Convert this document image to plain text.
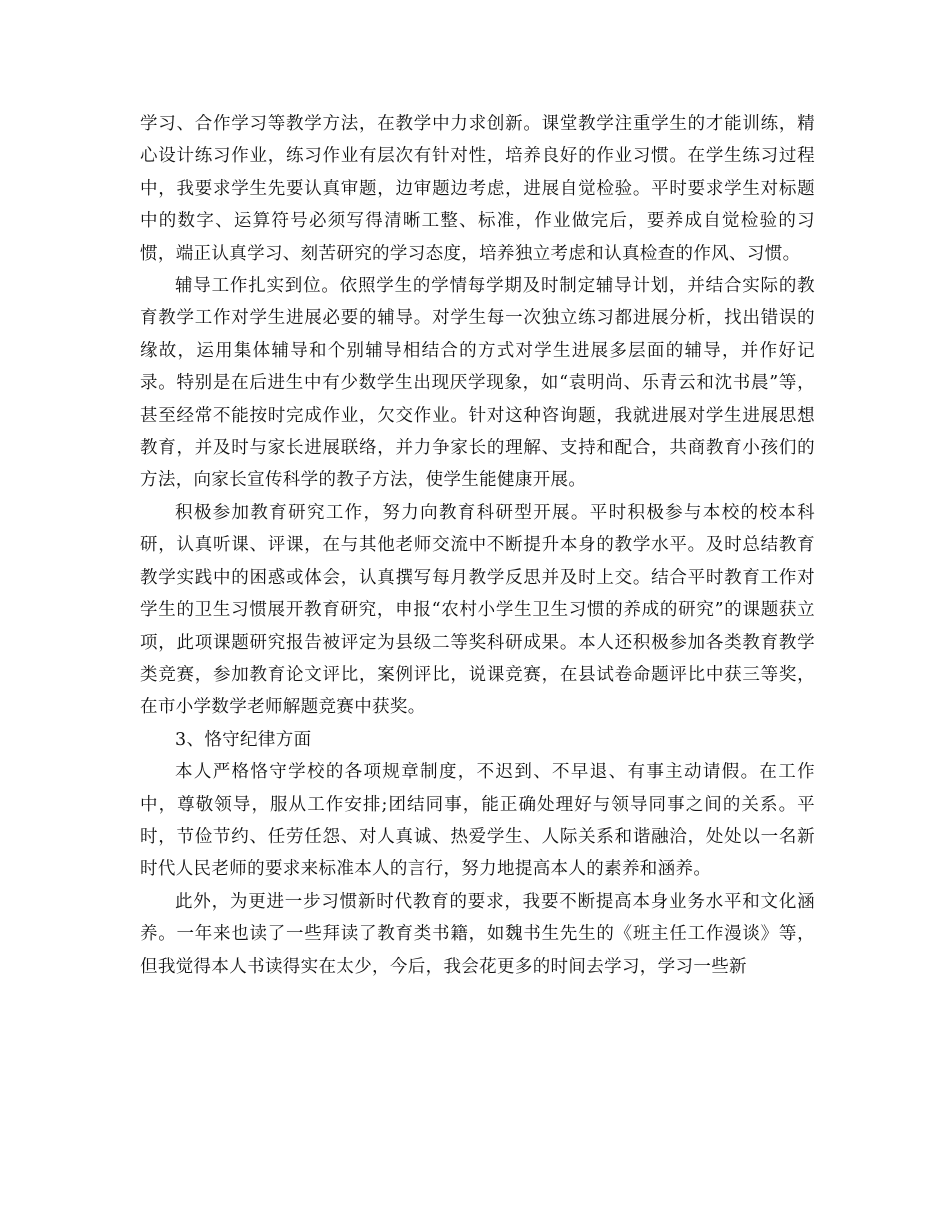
学习、合作学习等教学方法，在教学中力求创新。课堂教学注重学生的才能训练，精心设计练习作业，练习作业有层次有针对性，培养良好的作业习惯。在学生练习过程中，我要求学生先要认真审题，边审题边考虑，进展自觉检验。平时要求学生对标题中的数字、运算符号必须写得清晰工整、标准，作业做完后，要养成自觉检验的习惯，端正认真学习、刻苦研究的学习态度，培养独立考虑和认真检查的作风、习惯。

辅导工作扎实到位。依照学生的学情每学期及时制定辅导计划，并结合实际的教育教学工作对学生进展必要的辅导。对学生每一次独立练习都进展分析，找出错误的缘故，运用集体辅导和个别辅导相结合的方式对学生进展多层面的辅导，并作好记录。特别是在后进生中有少数学生出现厌学现象，如“袁明尚、乐青云和沈书晨”等，甚至经常不能按时完成作业，欠交作业。针对这种咨询题，我就进展对学生进展思想教育，并及时与家长进展联络，并力争家长的理解、支持和配合，共商教育小孩们的方法，向家长宣传科学的教子方法，使学生能健康开展。

积极参加教育研究工作，努力向教育科研型开展。平时积极参与本校的校本科研，认真听课、评课，在与其他老师交流中不断提升本身的教学水平。及时总结教育教学实践中的困惑或体会，认真撰写每月教学反思并及时上交。结合平时教育工作对学生的卫生习惯展开教育研究，申报“农村小学生卫生习惯的养成的研究”的课题获立项，此项课题研究报告被评定为县级二等奖科研成果。本人还积极参加各类教育教学类竞赛，参加教育论文评比，案例评比，说课竞赛，在县试卷命题评比中获三等奖，在市小学数学老师解题竞赛中获奖。

3、恪守纪律方面

本人严格恪守学校的各项规章制度，不迟到、不早退、有事主动请假。在工作中，尊敬领导，服从工作安排;团结同事，能正确处理好与领导同事之间的关系。平时，节俭节约、任劳任怨、对人真诚、热爱学生、人际关系和谐融洽，处处以一名新时代人民老师的要求来标准本人的言行，努力地提高本人的素养和涵养。

此外，为更进一步习惯新时代教育的要求，我要不断提高本身业务水平和文化涵养。一年来也读了一些拜读了教育类书籍，如魏书生先生的《班主任工作漫谈》等，但我觉得本人书读得实在太少，今后，我会花更多的时间去学习，学习一些新
